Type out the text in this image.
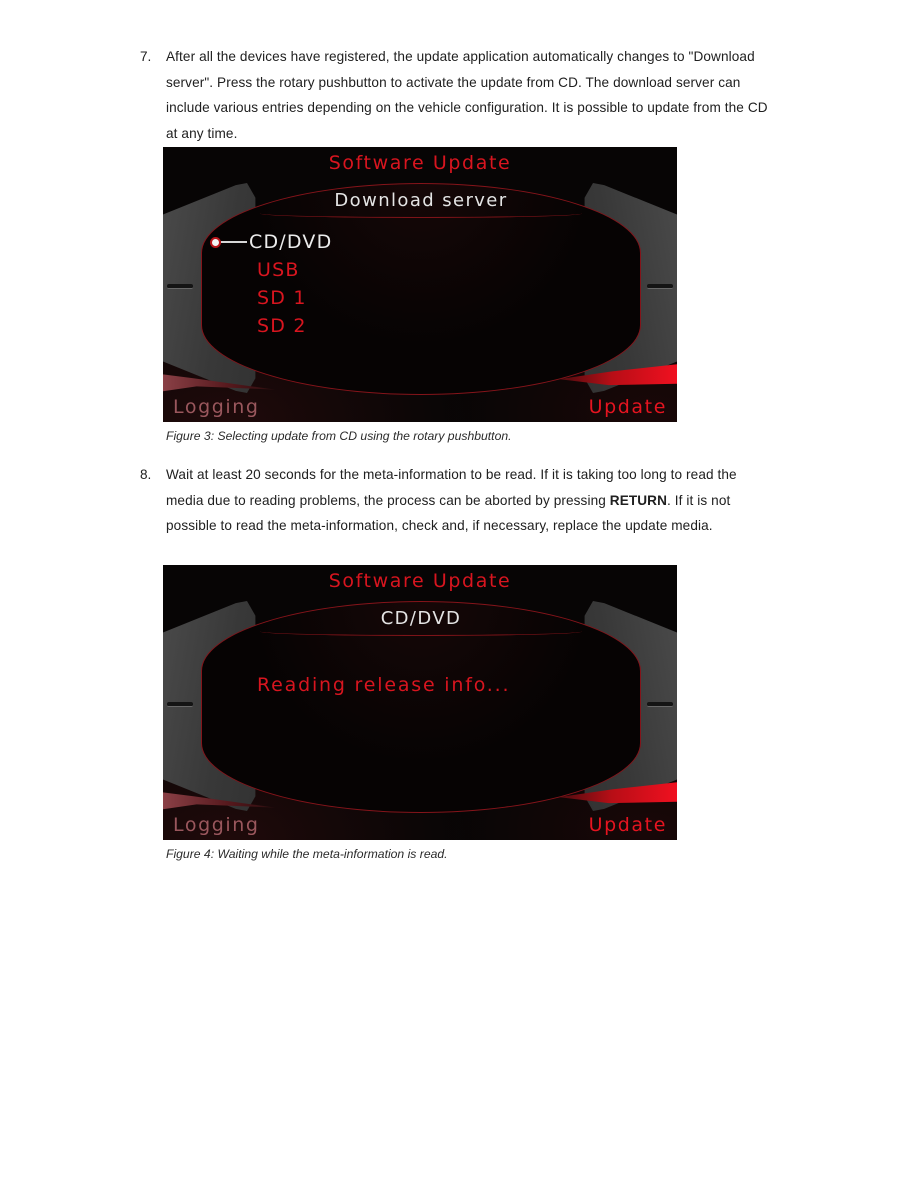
7.	After all the devices have registered, the update application automatically changes to "Download server". Press the rotary pushbutton to activate the update from CD. The download server can include various entries depending on the vehicle configuration. It is possible to update from the CD at any time.
Software Update
Download server
CD/DVD
USB
SD 1
SD 2
Logging	Update
Figure 3: Selecting update from CD using the rotary pushbutton.
8.	Wait at least 20 seconds for the meta-information to be read. If it is taking too long to read the media due to reading problems, the process can be aborted by pressing RETURN. If it is not possible to read the meta-information, check and, if necessary, replace the update media.
Software Update
CD/DVD
Reading release info...
Logging	Update
Figure 4: Waiting while the meta-information is read.
